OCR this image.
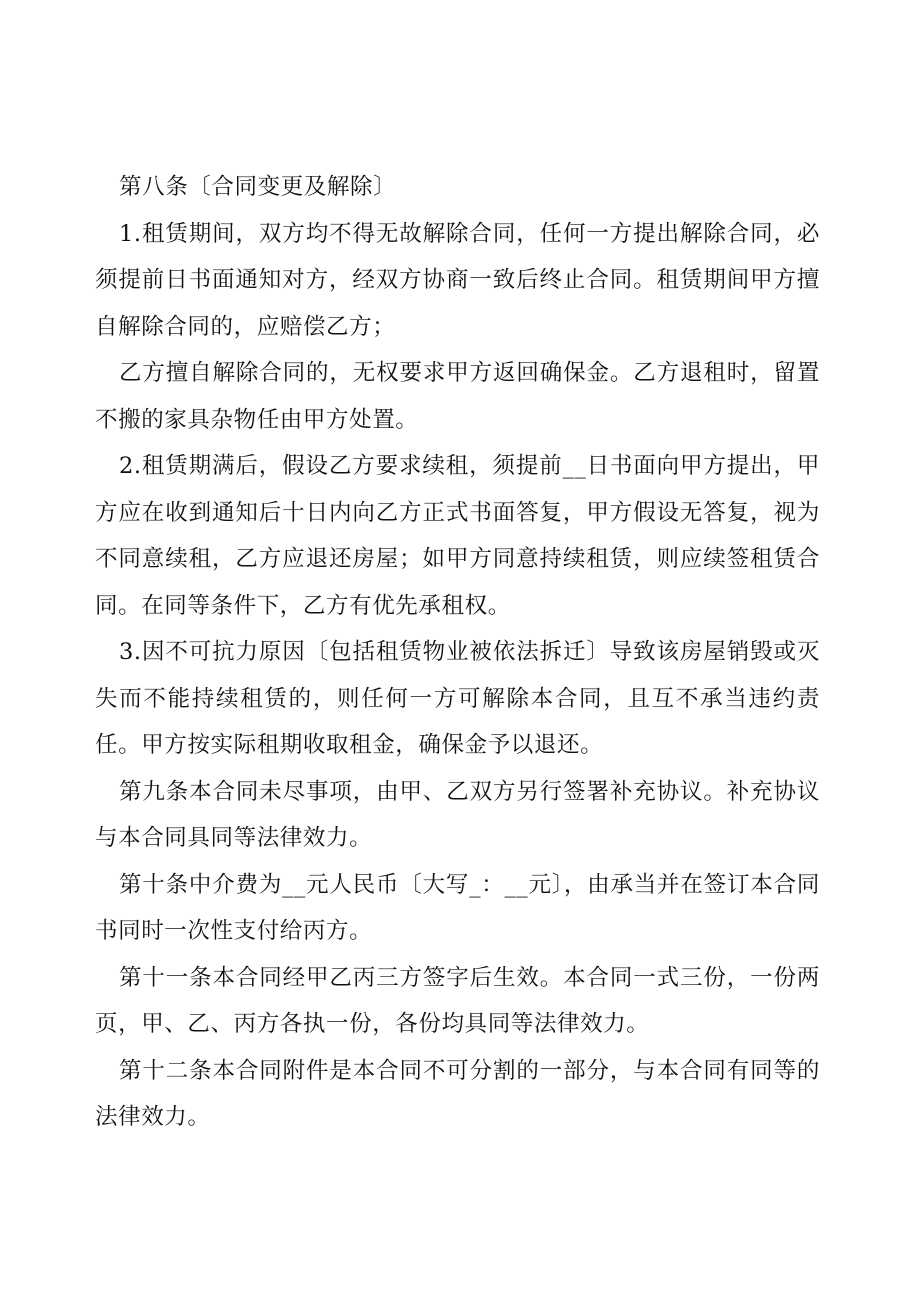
第八条〔合同变更及解除〕

1.租赁期间，双方均不得无故解除合同，任何一方提出解除合同，必须提前日书面通知对方，经双方协商一致后终止合同。租赁期间甲方擅自解除合同的，应赔偿乙方；

乙方擅自解除合同的，无权要求甲方返回确保金。乙方退租时，留置不搬的家具杂物任由甲方处置。

2.租赁期满后，假设乙方要求续租，须提前__日书面向甲方提出，甲方应在收到通知后十日内向乙方正式书面答复，甲方假设无答复，视为不同意续租，乙方应退还房屋；如甲方同意持续租赁，则应续签租赁合同。在同等条件下，乙方有优先承租权。

3.因不可抗力原因〔包括租赁物业被依法拆迁〕导致该房屋销毁或灭失而不能持续租赁的，则任何一方可解除本合同，且互不承当违约责任。甲方按实际租期收取租金，确保金予以退还。

第九条本合同未尽事项，由甲、乙双方另行签署补充协议。补充协议与本合同具同等法律效力。

第十条中介费为__元人民币〔大写_：__元〕，由承当并在签订本合同书同时一次性支付给丙方。

第十一条本合同经甲乙丙三方签字后生效。本合同一式三份，一份两页，甲、乙、丙方各执一份，各份均具同等法律效力。

第十二条本合同附件是本合同不可分割的一部分，与本合同有同等的法律效力。
